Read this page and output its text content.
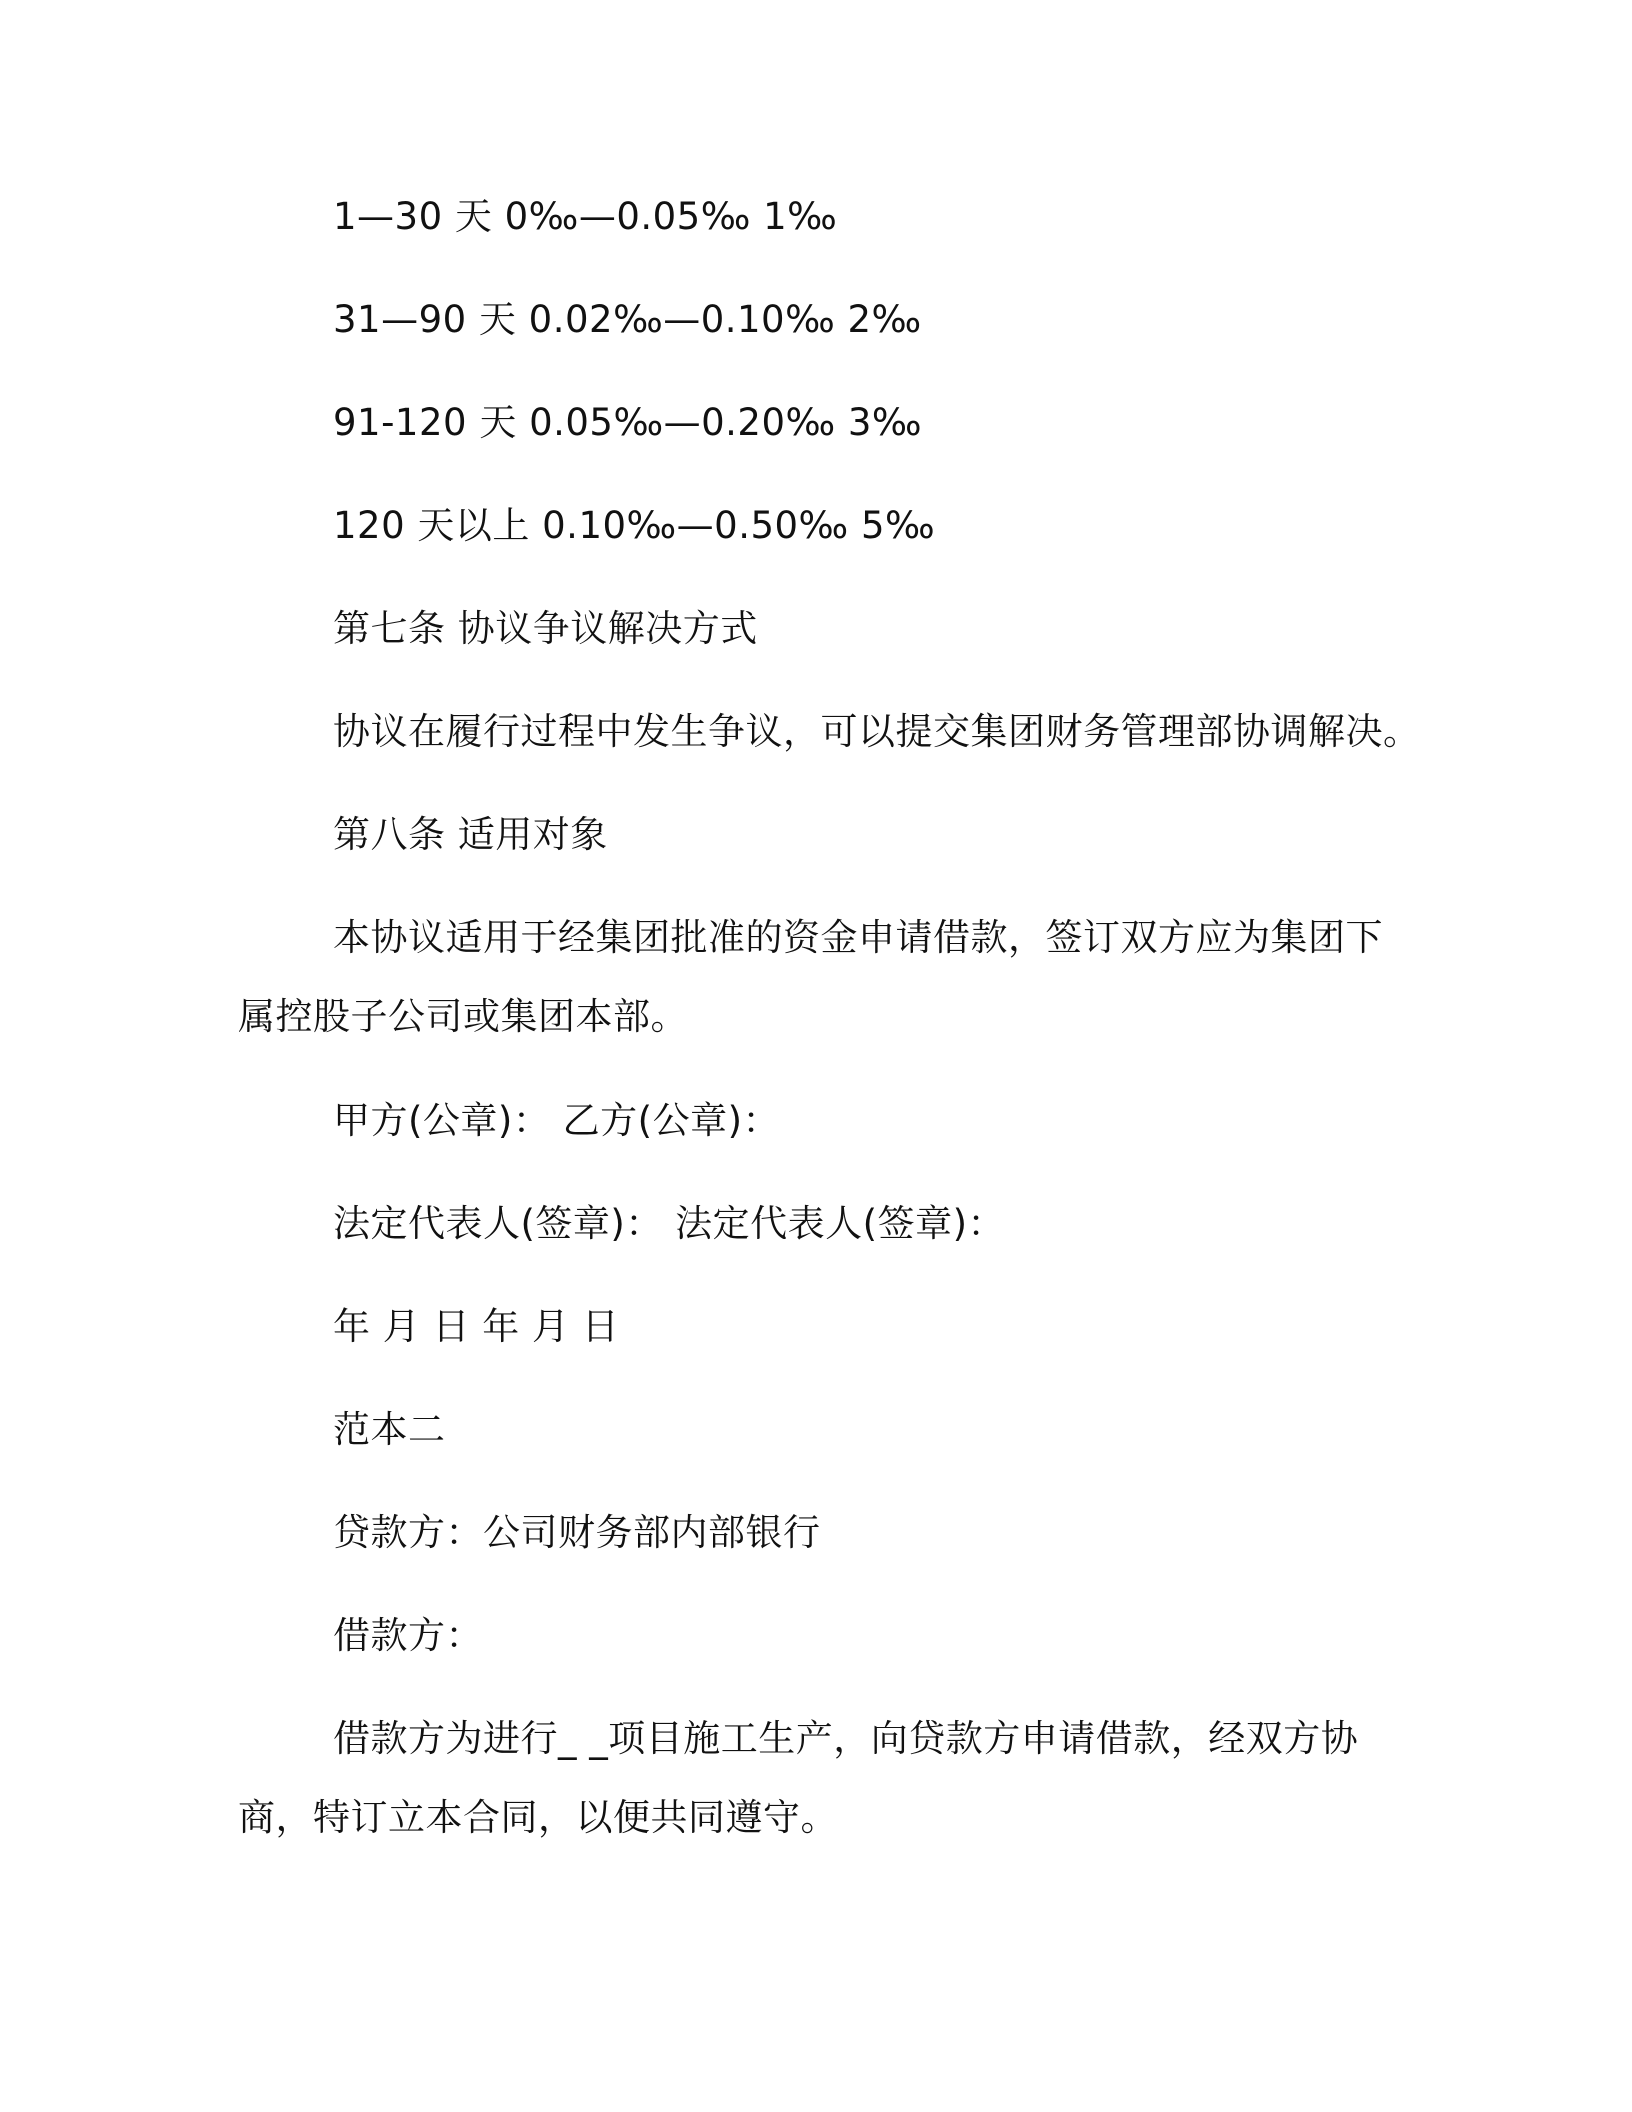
1—30 天 0‰—0.05‰ 1‰
31—90 天 0.02‰—0.10‰ 2‰
91-120 天 0.05‰—0.20‰ 3‰
120 天以上 0.10‰—0.50‰ 5‰
第七条 协议争议解决方式
协议在履行过程中发生争议，可以提交集团财务管理部协调解决。
第八条 适用对象
本协议适用于经集团批准的资金申请借款，签订双方应为集团下
属控股子公司或集团本部。
甲方(公章)： 乙方(公章)：
法定代表人(签章)： 法定代表人(签章)：
年 月 日 年 月 日
范本二
贷款方：公司财务部内部银行
借款方：
借款方为进行_ _项目施工生产，向贷款方申请借款，经双方协
商，特订立本合同，以便共同遵守。
